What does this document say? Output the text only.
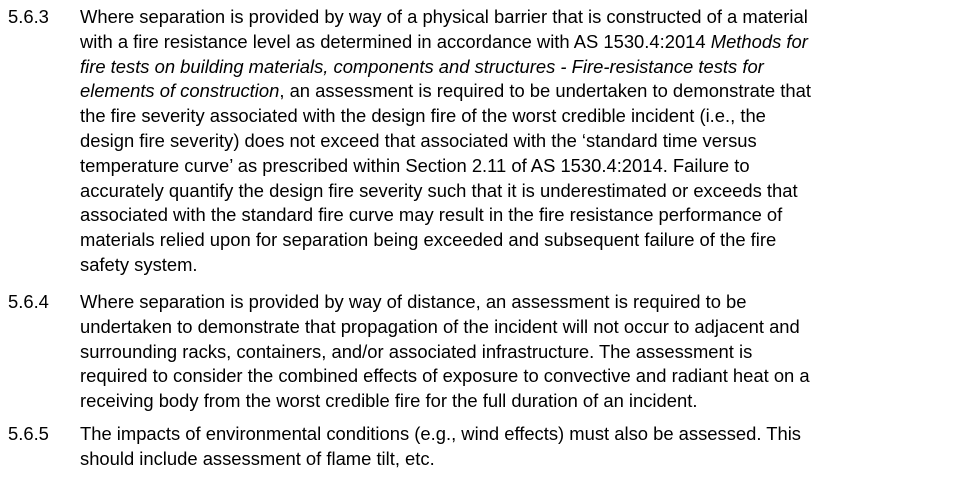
5.6.3	Where separation is provided by way of a physical barrier that is constructed of a material
with a fire resistance level as determined in accordance with AS 1530.4:2014 Methods for
fire tests on building materials, components and structures - Fire-resistance tests for
elements of construction, an assessment is required to be undertaken to demonstrate that
the fire severity associated with the design fire of the worst credible incident (i.e., the
design fire severity) does not exceed that associated with the ‘standard time versus
temperature curve’ as prescribed within Section 2.11 of AS 1530.4:2014. Failure to
accurately quantify the design fire severity such that it is underestimated or exceeds that
associated with the standard fire curve may result in the fire resistance performance of
materials relied upon for separation being exceeded and subsequent failure of the fire
safety system.
5.6.4	Where separation is provided by way of distance, an assessment is required to be
undertaken to demonstrate that propagation of the incident will not occur to adjacent and
surrounding racks, containers, and/or associated infrastructure. The assessment is
required to consider the combined effects of exposure to convective and radiant heat on a
receiving body from the worst credible fire for the full duration of an incident.
5.6.5	The impacts of environmental conditions (e.g., wind effects) must also be assessed. This
should include assessment of flame tilt, etc.
